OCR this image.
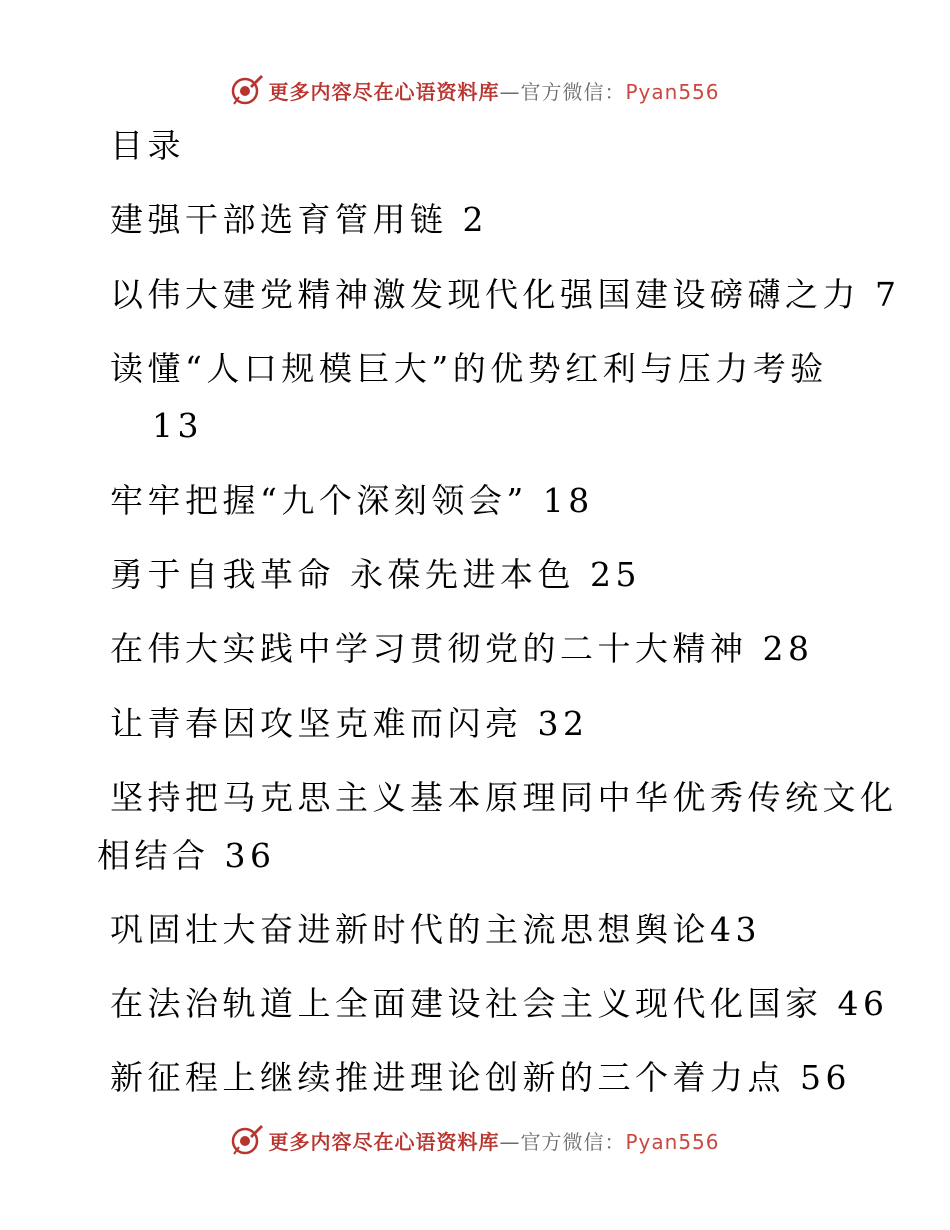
更多内容尽在心语资料库—官方微信：Pyan556
目录
建强干部选育管用链 2
以伟大建党精神激发现代化强国建设磅礴之力 7
读懂“人口规模巨大”的优势红利与压力考验
13
牢牢把握“九个深刻领会” 18
勇于自我革命 永葆先进本色 25
在伟大实践中学习贯彻党的二十大精神 28
让青春因攻坚克难而闪亮 32
坚持把马克思主义基本原理同中华优秀传统文化
相结合 36
巩固壮大奋进新时代的主流思想舆论43
在法治轨道上全面建设社会主义现代化国家 46
新征程上继续推进理论创新的三个着力点 56
更多内容尽在心语资料库—官方微信：Pyan556
